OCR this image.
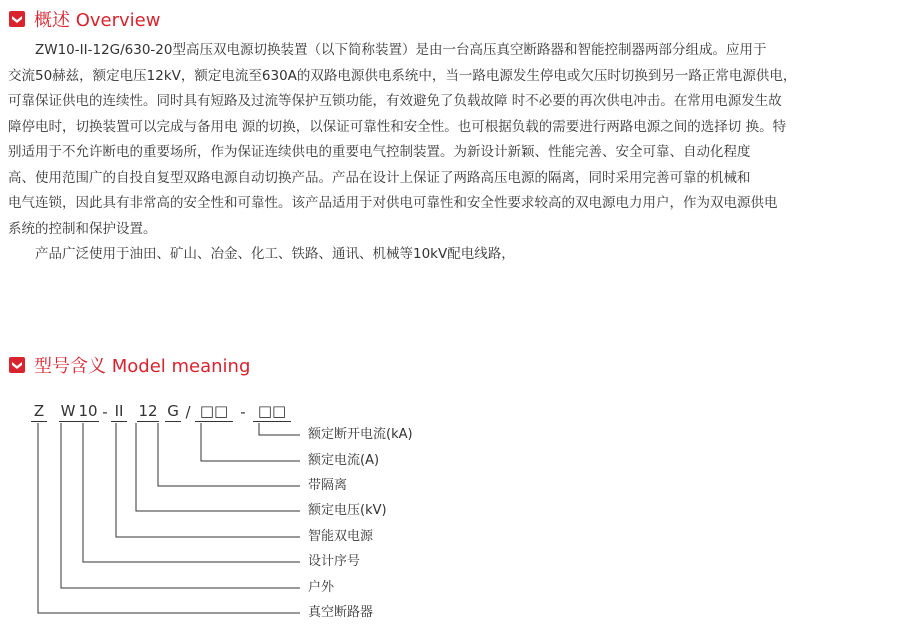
概述 Overview

ZW10-II-12G/630-20型高压双电源切换装置（以下简称装置）是由一台高压真空断路器和智能控制器两部分组成。应用于

交流50赫兹，额定电压12kV，额定电流至630A的双路电源供电系统中，当一路电源发生停电或欠压时切换到另一路正常电源供电，

可靠保证供电的连续性。同时具有短路及过流等保护互锁功能，有效避免了负载故障 时不必要的再次供电冲击。在常用电源发生故

障停电时，切换装置可以完成与备用电 源的切换，以保证可靠性和安全性。也可根据负载的需要进行两路电源之间的选择切 换。特

别适用于不允许断电的重要场所，作为保证连续供电的重要电气控制装置。为新设计新颖、性能完善、安全可靠、自动化程度

高、使用范围广的自投自复型双路电源自动切换产品。产品在设计上保证了两路高压电源的隔离，同时采用完善可靠的机械和

电气连锁，因此具有非常高的安全性和可靠性。该产品适用于对供电可靠性和安全性要求较高的双电源电力用户，作为双电源供电

系统的控制和保护设置。

产品广泛使用于油田、矿山、冶金、化工、铁路、通讯、机械等10kV配电线路，

型号含义 Model meaning
Z W 10 - II 12 G / □□ - □□
额定断开电流(kA)
额定电流(A)
带隔离
额定电压(kV)
智能双电源
设计序号
户外
真空断路器
